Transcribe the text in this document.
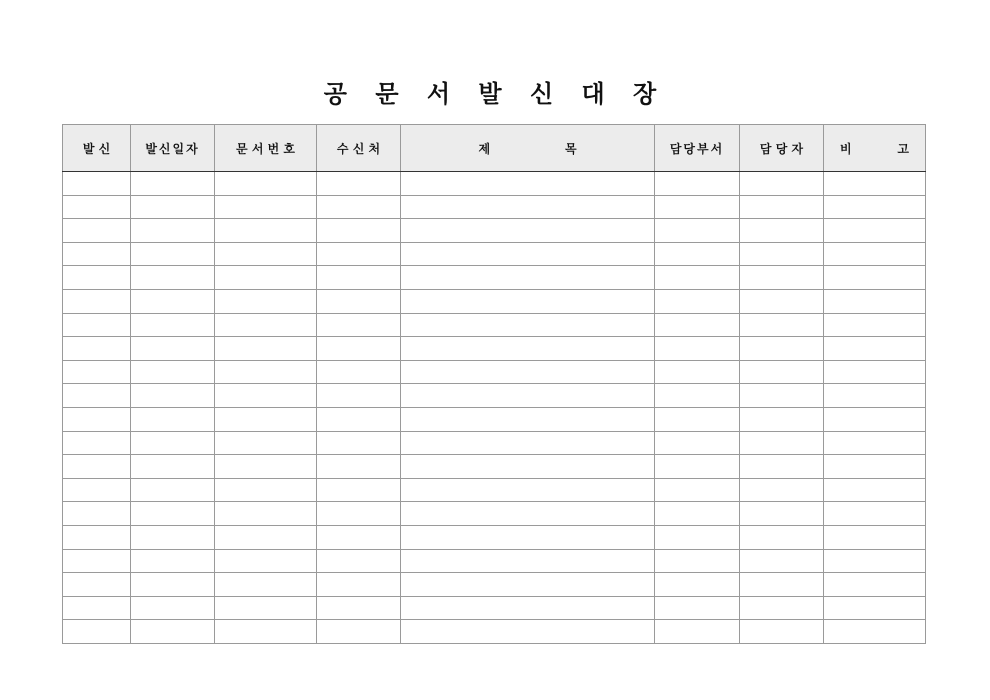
공 문 서 발 신 대 장
발 신	발신일자	문 서 번 호	수 신 처	제 목	담당부서	담 당 자	비 고
